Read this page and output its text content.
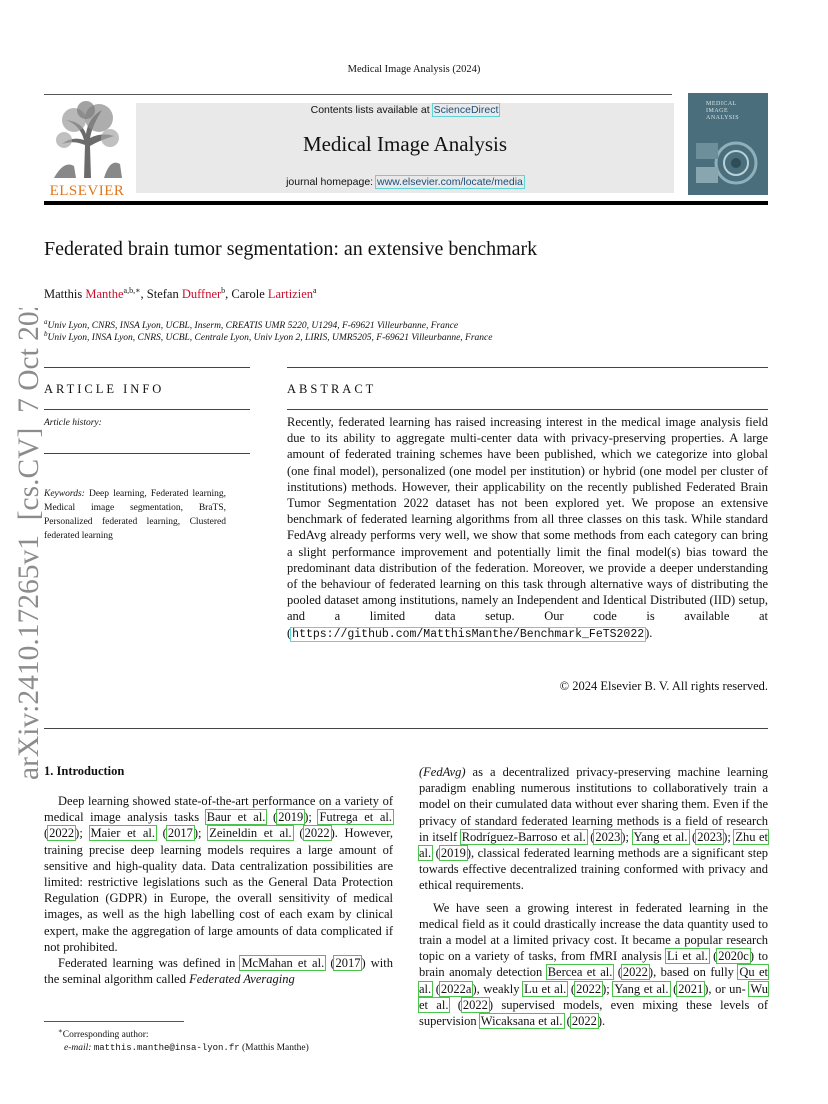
Medical Image Analysis (2024)
ELSEVIER
Contents lists available at ScienceDirect
Medical Image Analysis
journal homepage: www.elsevier.com/locate/media
MEDICAL
IMAGE
ANALYSIS
arXiv:2410.17265v1  [cs.CV]  7 Oct 2024
Federated brain tumor segmentation: an extensive benchmark
Matthis Manthe$^{a,b,∗}$, Stefan Duffner$^b$, Carole Lartizien$^a$
$^a$Univ Lyon, CNRS, INSA Lyon, UCBL, Inserm, CREATIS UMR 5220, U1294, F-69621 Villeurbanne, France
$^b$Univ Lyon, INSA Lyon, CNRS, UCBL, Centrale Lyon, Univ Lyon 2, LIRIS, UMR5205, F-69621 Villeurbanne, France
ARTICLE INFO
Article history:
Keywords: Deep learning, Federated learning, Medical image segmentation, BraTS, Personalized federated learning, Clustered federated learning
ABSTRACT
Recently, federated learning has raised increasing interest in the medical image analysis field due to its ability to aggregate multi-center data with privacy-preserving properties. A large amount of federated training schemes have been published, which we categorize into global (one final model), personalized (one model per institution) or hybrid (one model per cluster of institutions) methods. However, their applicability on the recently published Federated Brain Tumor Segmentation 2022 dataset has not been explored yet. We propose an extensive benchmark of federated learning algorithms from all three classes on this task. While standard FedAvg already performs very well, we show that some methods from each category can bring a slight performance improvement and potentially limit the final model(s) bias toward the predominant data distribution of the federation. Moreover, we provide a deeper understanding of the behaviour of federated learning on this task through alternative ways of distributing the pooled dataset among institutions, namely an Independent and Identical Distributed (IID) setup, and a limited data setup. Our code is available at (https://github.com/MatthisManthe/Benchmark_FeTS2022).
© 2024 Elsevier B. V. All rights reserved.
1. Introduction

Deep learning showed state-of-the-art performance on a variety of medical image analysis tasks Baur et al. (2019); Futrega et al. (2022); Maier et al. (2017); Zeineldin et al. (2022). However, training precise deep learning models requires a large amount of sensitive and high-quality data. Data centralization possibilities are limited: restrictive legislations such as the General Data Protection Regulation (GDPR) in Europe, the overall sensitivity of medical images, as well as the high labelling cost of each exam by clinical expert, make the aggregation of large amounts of data complicated if not prohibited.

Federated learning was defined in McMahan et al. (2017) with the seminal algorithm called Federated Averaging

(FedAvg) as a decentralized privacy-preserving machine learning paradigm enabling numerous institutions to collaboratively train a model on their cumulated data without ever sharing them. Even if the privacy of standard federated learning methods is a field of research in itself Rodríguez-Barroso et al. (2023); Yang et al. (2023); Zhu et al. (2019), classical federated learning methods are a significant step towards effective decentralized training conformed with privacy and ethical requirements.

We have seen a growing interest in federated learning in the medical field as it could drastically increase the data quantity used to train a model at a limited privacy cost. It became a popular research topic on a variety of tasks, from fMRI analysis Li et al. (2020c) to brain anomaly detection Bercea et al. (2022), based on fully Qu et al. (2022a), weakly Lu et al. (2022); Yang et al. (2021), or un- Wu et al. (2022) supervised models, even mixing these levels of supervision Wicaksana et al. (2022).

∗Corresponding author:
e-mail: matthis.manthe@insa-lyon.fr (Matthis Manthe)
